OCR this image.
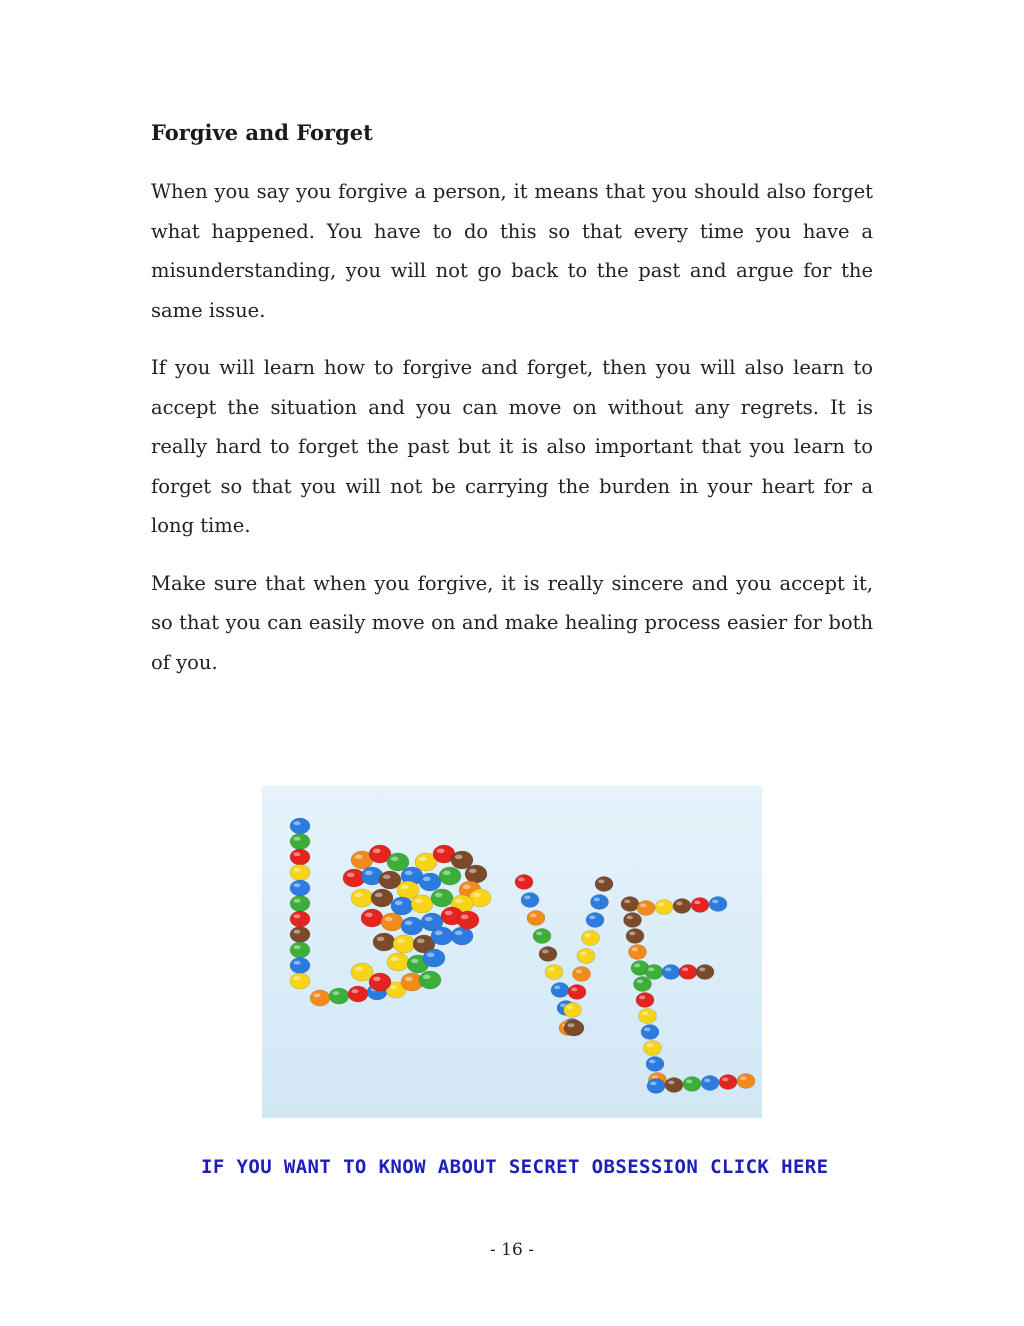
Forgive and Forget

When you say you forgive a person, it means that you should also forget what happened. You have to do this so that every time you have a misunderstanding, you will not go back to the past and argue for the same issue.

If you will learn how to forgive and forget, then you will also learn to accept the situation and you can move on without any regrets. It is really hard to forget the past but it is also important that you learn to forget so that you will not be carrying the burden in your heart for a long time.

Make sure that when you forgive, it is really sincere and you accept it, so that you can easily move on and make healing process easier for both of you.

IF YOU WANT TO KNOW ABOUT SECRET OBSESSION CLICK HERE
- 16 -
